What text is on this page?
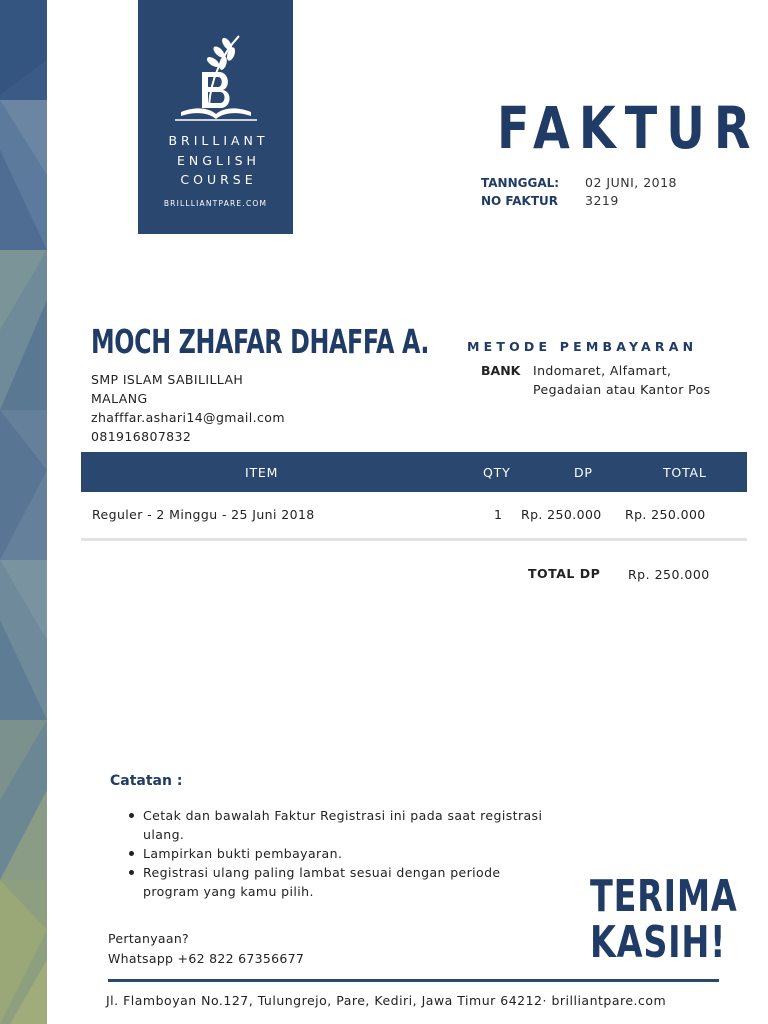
BRILLIANT
ENGLISH
COURSE
BRILLLIANTPARE.COM
FAKTUR
TANNGGAL:	02 JUNI, 2018
NO FAKTUR	3219
MOCH ZHAFAR DHAFFA A.
SMP ISLAM SABILILLAH
MALANG
zhafffar.ashari14@gmail.com
081916807832
METODE PEMBAYARAN
BANK	Indomaret, Alfamart, Pegadaian atau Kantor Pos
ITEM	QTY	DP	TOTAL
Reguler - 2 Minggu - 25 Juni 2018	1 Rp. 250.000 Rp. 250.000
TOTAL DP Rp. 250.000
Catatan :
Cetak dan bawalah Faktur Registrasi ini pada saat registrasi ulang.
Lampirkan bukti pembayaran.
Registrasi ulang paling lambat sesuai dengan periode program yang kamu pilih.
Pertanyaan?
Whatsapp +62 822 67356677
TERIMA
KASIH!
Jl. Flamboyan No.127, Tulungrejo, Pare, Kediri, Jawa Timur 64212· brilliantpare.com
